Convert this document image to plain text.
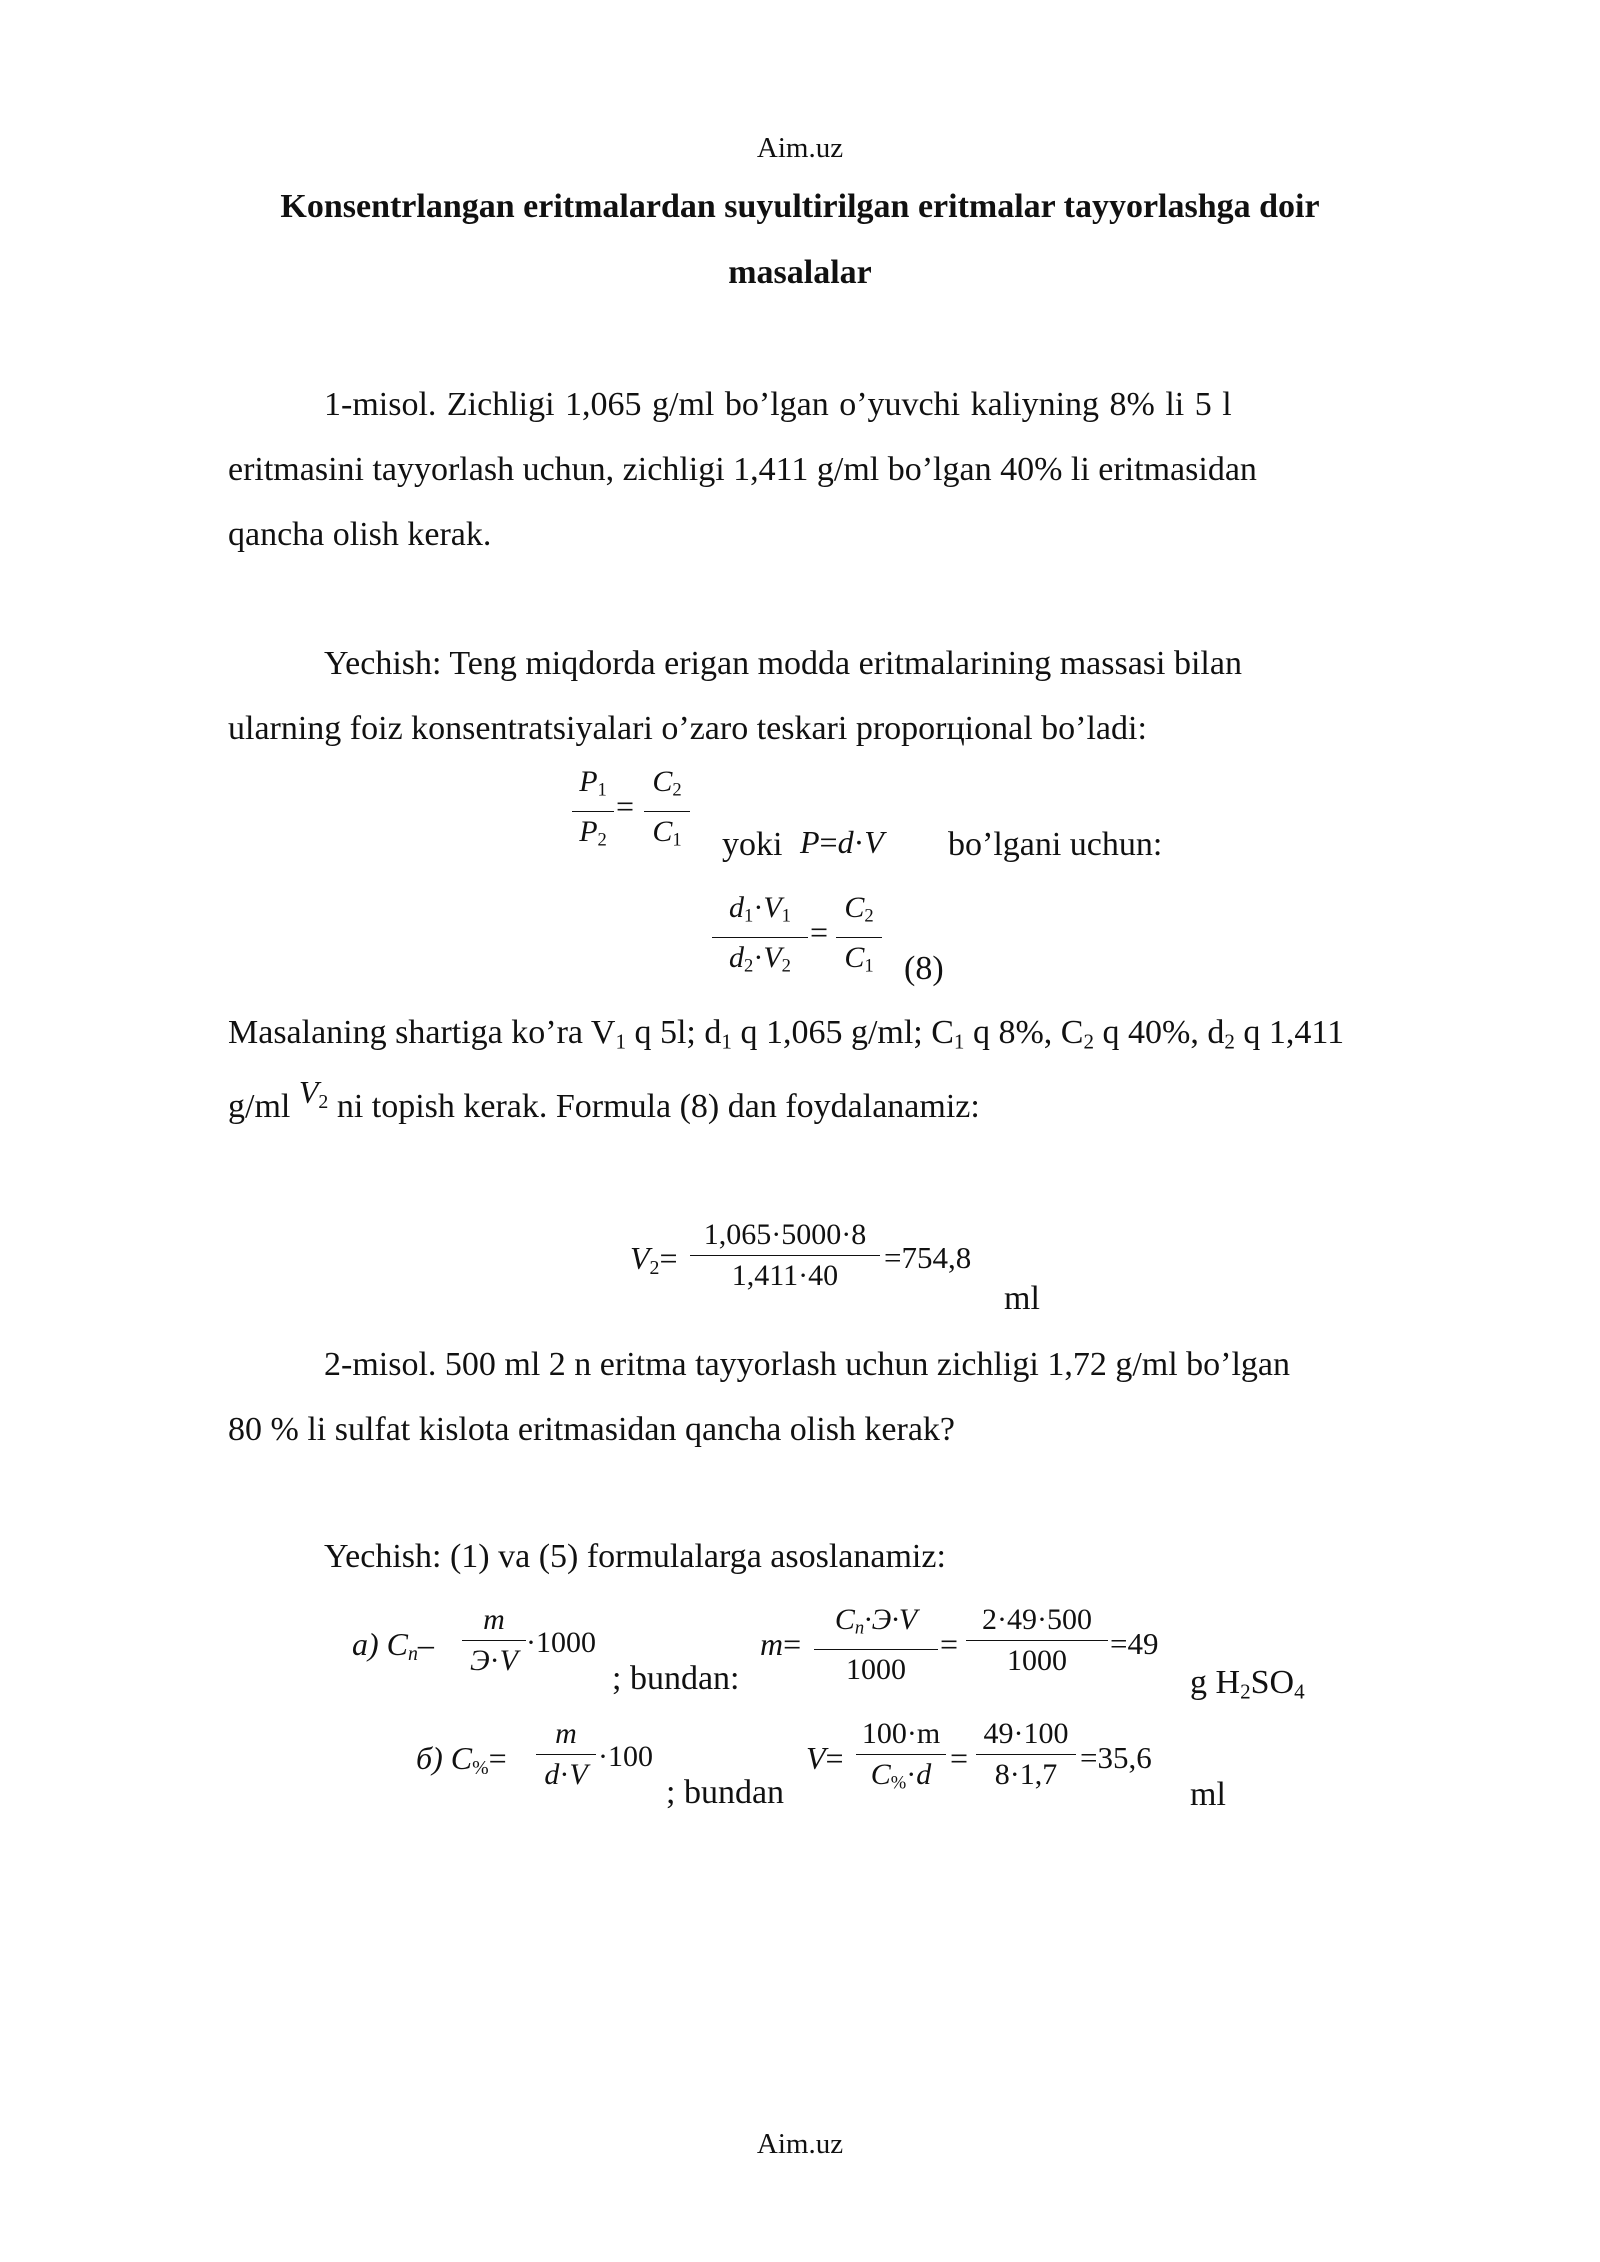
Aim.uz
Konsentrlangan eritmalardan suyultirilgan eritmalar tayyorlashga doir
masalalar
1-misol. Zichligi 1,065 g/ml bo’lgan o’yuvchi kaliyning 8% li 5 l
eritmasini tayyorlash uchun, zichligi 1,411 g/ml bo’lgan 40% li eritmasidan
qancha olish kerak.
Yechish: Teng miqdorda erigan modda eritmalarining massasi bilan
ularning foiz konsentratsiyalari o’zaro teskari proporцional bo’ladi:
$P_1$
$P_2$
=
$C_2$
$C_1$ yoki P=d·V bo’lgani uchun:
$d_1\cdot V_1$
$d_2\cdot V_2$
=
$C_2$
$C_1$ (8)
Masalaning shartiga ko’ra $V_1$ q 5l; $d_1$ q 1,065 g/ml; $C_1$ q 8%, $C_2$ q 40%, $d_2$ q 1,411
g/ml $V_2$ ni topish kerak. Formula (8) dan foydalanamiz:
$V_2=$
1,065·5000·8
1,411·40
=754,8
ml
2-misol. 500 ml 2 n eritma tayyorlash uchun zichligi 1,72 g/ml bo’lgan
80 % li sulfat kislota eritmasidan qancha olish kerak?
Yechish: (1) va (5) formulalarga asoslanamiz:
a) $C_n-$
m
Э·V
·1000
; bundan:
m=
$C_n\cdot Э\cdot V$
1000
=
2·49·500
1000	=49
g $H_2SO_4$
б) $C_{\%}=$
m
d·V
·100
; bundan
V=
100·m
$C_{\%}\cdot d$ =
49·100
8·1,7 =35,6
ml
Aim.uz
